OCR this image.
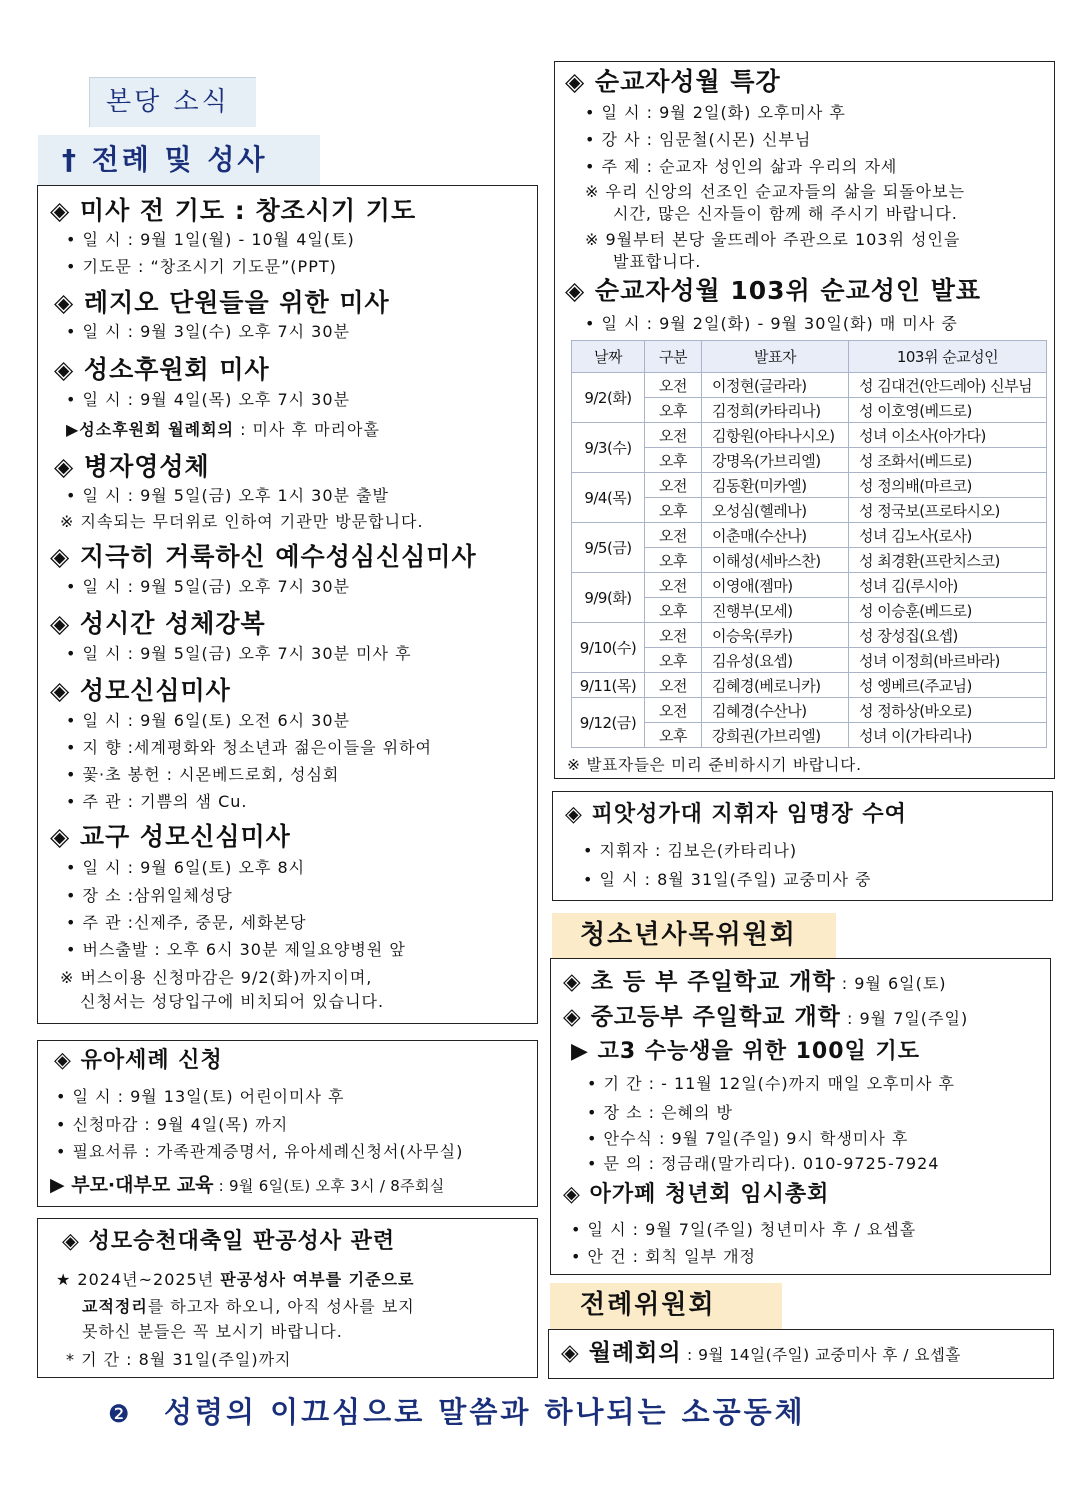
본당 소식
† 전례 및 성사
◈ 미사 전 기도 : 창조시기 기도
• 일 시 : 9월 1일(월) - 10월 4일(토)
• 기도문 : “창조시기 기도문”(PPT)
◈ 레지오 단원들을 위한 미사
• 일 시 : 9월 3일(수) 오후 7시 30분
◈ 성소후원회 미사
• 일 시 : 9월 4일(목) 오후 7시 30분
▶성소후원회 월례회의 : 미사 후 마리아홀
◈ 병자영성체
• 일 시 : 9월 5일(금) 오후 1시 30분 출발
※ 지속되는 무더위로 인하여 기관만 방문합니다.
◈ 지극히 거룩하신 예수성심신심미사
• 일 시 : 9월 5일(금) 오후 7시 30분
◈ 성시간 성체강복
• 일 시 : 9월 5일(금) 오후 7시 30분 미사 후
◈ 성모신심미사
• 일 시 : 9월 6일(토) 오전 6시 30분
• 지 향 :세계평화와 청소년과 젊은이들을 위하여
• 꽃·초 봉헌 : 시몬베드로회, 성심회
• 주 관 : 기쁨의 샘 Cu.
◈ 교구 성모신심미사
• 일 시 : 9월 6일(토) 오후 8시
• 장 소 :삼위일체성당
• 주 관 :신제주, 중문, 세화본당
• 버스출발 : 오후 6시 30분 제일요양병원 앞
※ 버스이용 신청마감은 9/2(화)까지이며,
신청서는 성당입구에 비치되어 있습니다.
◈ 유아세례 신청
• 일 시 : 9월 13일(토) 어린이미사 후
• 신청마감 : 9월 4일(목) 까지
• 필요서류 : 가족관계증명서, 유아세례신청서(사무실)
▶ 부모·대부모 교육 : 9월 6일(토) 오후 3시 / 8주회실
◈ 성모승천대축일 판공성사 관련
★ 2024년~2025년 판공성사 여부를 기준으로
교적정리를 하고자 하오니, 아직 성사를 보지
못하신 분들은 꼭 보시기 바랍니다.
* 기 간 : 8월 31일(주일)까지
◈ 순교자성월 특강
• 일 시 : 9월 2일(화) 오후미사 후
• 강 사 : 임문철(시몬) 신부님
• 주 제 : 순교자 성인의 삶과 우리의 자세
※ 우리 신앙의 선조인 순교자들의 삶을 되돌아보는
시간, 많은 신자들이 함께 해 주시기 바랍니다.
※ 9월부터 본당 울뜨레아 주관으로 103위 성인을
발표합니다.
◈ 순교자성월 103위 순교성인 발표
• 일 시 : 9월 2일(화) - 9월 30일(화) 매 미사 중
날짜	구분	발표자	103위 순교성인
9/2(화)	오전	이정현(글라라)	성 김대건(안드레아) 신부님
	오후	김정희(카타리나)	성 이호영(베드로)
9/3(수)	오전	김항원(아타나시오)	성녀 이소사(아가다)
	오후	강명옥(가브리엘)	성 조화서(베드로)
9/4(목)	오전	김동환(미카엘)	성 정의배(마르코)
	오후	오성심(헬레나)	성 정국보(프로타시오)
9/5(금)	오전	이춘매(수산나)	성녀 김노사(로사)
	오후	이해성(세바스찬)	성 최경환(프란치스코)
9/9(화)	오전	이영애(젬마)	성녀 김(루시아)
	오후	진행부(모세)	성 이승훈(베드로)
9/10(수)	오전	이승욱(루카)	성 장성집(요셉)
	오후	김유성(요셉)	성녀 이정희(바르바라)
9/11(목)	오전	김혜경(베로니카)	성 엥베르(주교님)
9/12(금)	오전	김혜경(수산나)	성 정하상(바오로)
	오후	강희권(가브리엘)	성녀 이(가타리나)
※ 발표자들은 미리 준비하시기 바랍니다.
◈ 피앗성가대 지휘자 임명장 수여
• 지휘자 : 김보은(카타리나)
• 일 시 : 8월 31일(주일) 교중미사 중
청소년사목위원회
◈ 초 등 부 주일학교 개학 : 9월 6일(토)
◈ 중고등부 주일학교 개학 : 9월 7일(주일)
▶ 고3 수능생을 위한 100일 기도
• 기 간 : - 11월 12일(수)까지 매일 오후미사 후
• 장 소 : 은혜의 방
• 안수식 : 9월 7일(주일) 9시 학생미사 후
• 문 의 : 정금래(말가리다). 010-9725-7924
◈ 아가페 청년회 임시총회
• 일 시 : 9월 7일(주일) 청년미사 후 / 요셉홀
• 안 건 : 회칙 일부 개정
전례위원회
◈ 월례회의 : 9월 14일(주일) 교중미사 후 / 요셉홀
❷ 성령의 이끄심으로 말씀과 하나되는 소공동체
